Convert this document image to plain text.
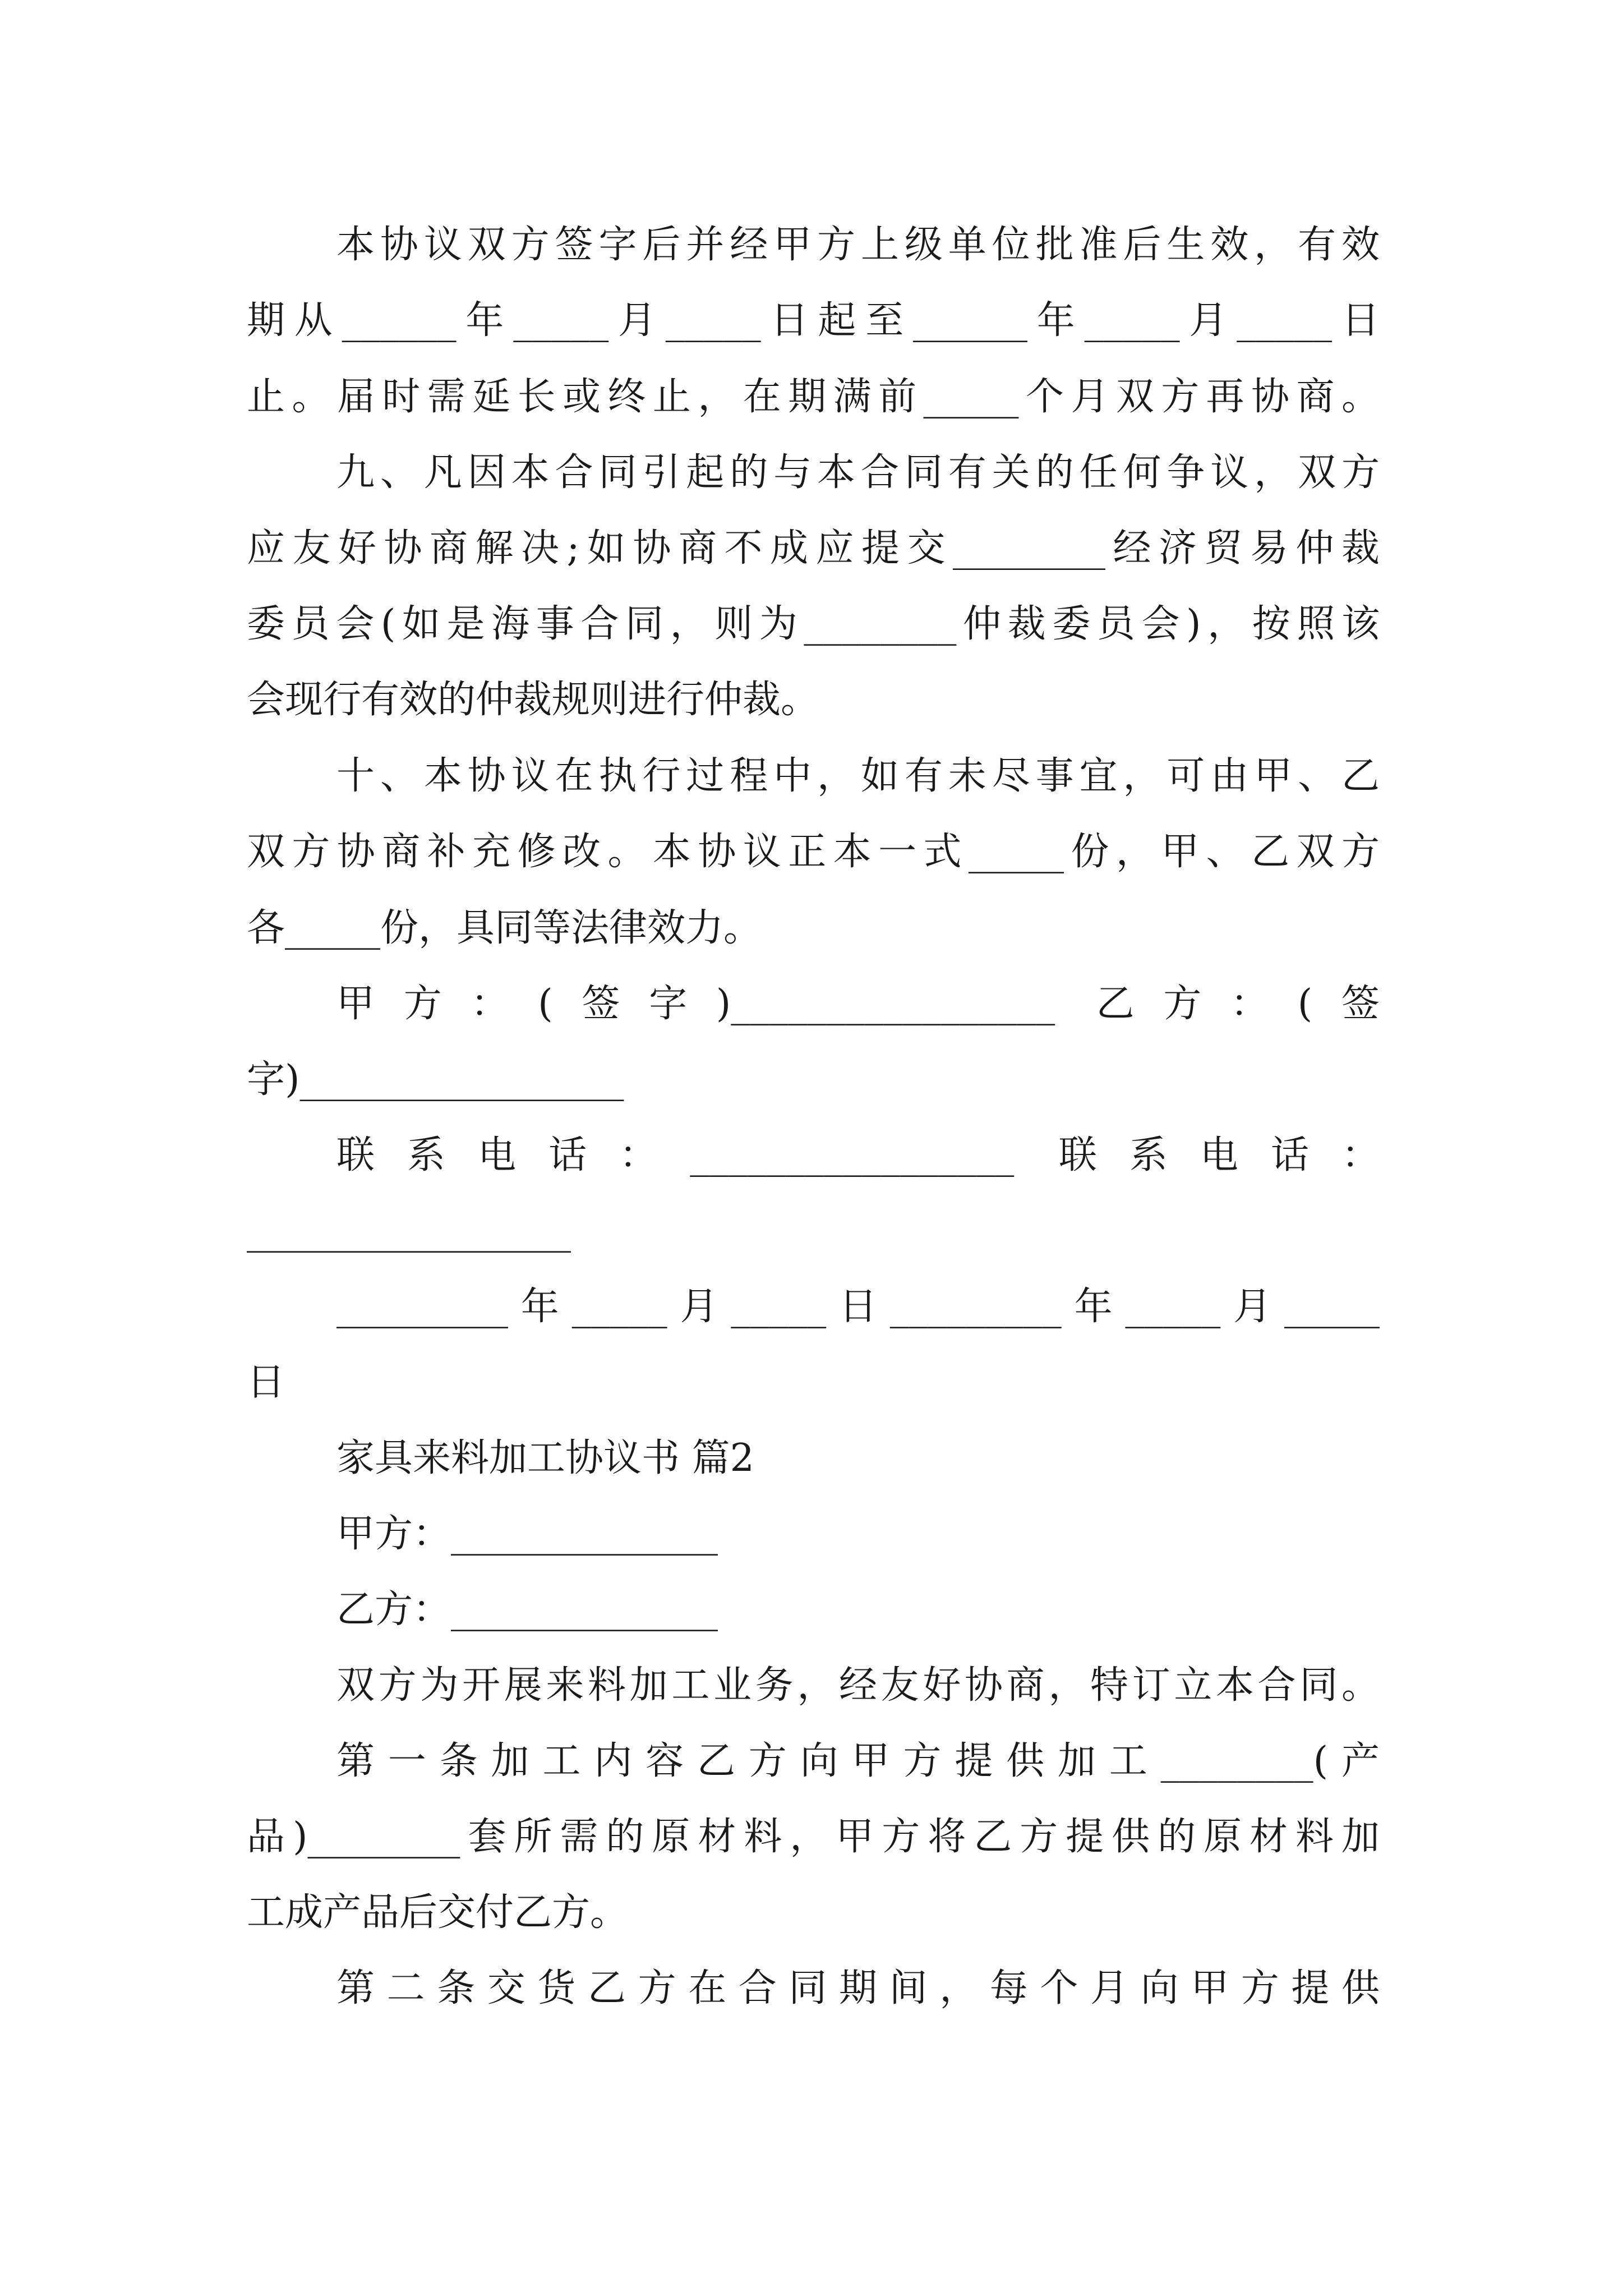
本协议双方签字后并经甲方上级单位批准后生效，有效
期从______年_____月_____日起至______年_____月_____日
止。届时需延长或终止，在期满前_____个月双方再协商。
九、凡因本合同引起的与本合同有关的任何争议，双方
应友好协商解决;如协商不成应提交________经济贸易仲裁
委员会(如是海事合同，则为________仲裁委员会)，按照该
会现行有效的仲裁规则进行仲裁。
十、本协议在执行过程中，如有未尽事宜，可由甲、乙
双方协商补充修改。本协议正本一式_____份，甲、乙双方
各_____份，具同等法律效力。
甲方：(签字)_________________ 乙方：(签
字)_________________
联系电话：_________________ 联系电话：
_________________
_________年_____月_____日_________年_____月_____
日
家具来料加工协议书 篇2
甲方：______________
乙方：______________
双方为开展来料加工业务，经友好协商，特订立本合同。
第一条加工内容乙方向甲方提供加工________(产
品)________套所需的原材料，甲方将乙方提供的原材料加
工成产品后交付乙方。
第二条交货乙方在合同期间，每个月向甲方提供
